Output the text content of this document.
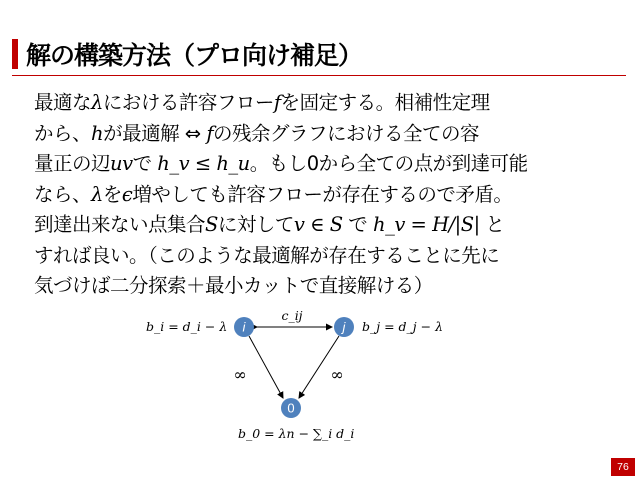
解の構築方法（プロ向け補足）
最適なλにおける許容フローfを固定する。相補性定理
から、hが最適解 ⇔ fの残余グラフにおける全ての容
量正の辺uvで h_v ≤ h_u。もし0から全ての点が到達可能
なら、λをϵ増やしても許容フローが存在するので矛盾。
到達出来ない点集合Sに対してv ∈ S で h_v = H/|S| と
すれば良い。（このような最適解が存在することに先に
気づけば二分探索＋最小カットで直接解ける）
i	j
0
c_ij
b_i = d_i − λ	b_j = d_j − λ
∞	∞
b_0 = λn − ∑_i d_i
76
